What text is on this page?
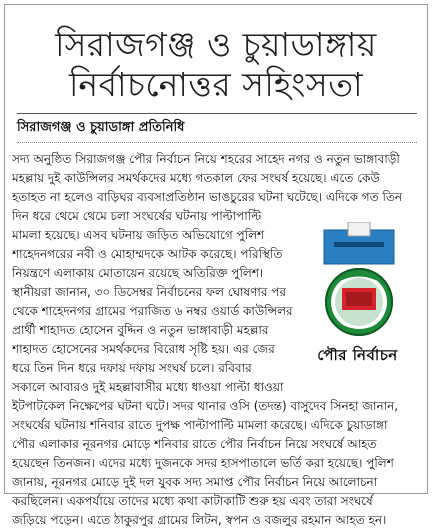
সিরাজগঞ্জ ও চুয়াডাঙ্গায়
নির্বাচনোত্তর সহিংসতা
সিরাজগঞ্জ ও চুয়াডাঙ্গা প্রতিনিধি
সদ্য অনুষ্ঠিত সিরাজগঞ্জ পৌর নির্বাচন নিয়ে শহরের সাহেদ নগর ও নতুন ভাঙ্গাবাড়ী
মহল্লায় দুই কাউন্সিলর সমর্থকদের মধ্যে গতকাল ফের সংঘর্ষ হয়েছে। এতে কেউ
হতাহত না হলেও বাড়িঘর ব্যবসাপ্রতিষ্ঠান ভাঙচুরের ঘটনা ঘটেছে। এদিকে গত তিন
দিন ধরে থেমে থেমে চলা সংঘর্ষের ঘটনায় পাল্টাপাল্টি
মামলা হয়েছে। এসব ঘটনায় জড়িত অভিযোগে পুলিশ
শাহেদনগরের নবী ও মোহাম্মদকে আটক করেছে। পরিস্থিতি
নিয়ন্ত্রণে এলাকায় মোতায়েন রয়েছে অতিরিক্ত পুলিশ।
স্থানীয়রা জানান, ৩০ ডিসেম্বর নির্বাচনের ফল ঘোষণার পর
থেকে শাহেদনগর গ্রামের পরাজিত ৬ নম্বর ওয়ার্ড কাউন্সিলর
প্রার্থী শাহাদত হোসেন বুদ্দিন ও নতুন ভাঙ্গাবাড়ী মহল্লার
শাহাদত হোসেনের সমর্থকদের বিরোধ সৃষ্টি হয়। এর জের
ধরে তিন দিন ধরে দফায় দফায় সংঘর্ষ চলে। রবিবার
সকালে আবারও দুই মহল্লাবাসীর মধ্যে ধাওয়া পাল্টা ধাওয়া
ইটপাটকেল নিক্ষেপের ঘটনা ঘটে। সদর থানার ওসি (তদন্ত) বাসুদেব সিনহা জানান,
সংঘর্ষের ঘটনায় শনিবার রাতে দুপক্ষ পাল্টাপাল্টি মামলা করেছে। এদিকে চুয়াডাঙ্গা
পৌর এলাকার নূরনগর মোড়ে শনিবার রাতে পৌর নির্বাচন নিয়ে সংঘর্ষে আহত
হয়েছেন তিনজন। এদের মধ্যে দুজনকে সদর হাসপাতালে ভর্তি করা হয়েছে। পুলিশ
জানায়, নূরনগর মোড়ে দুই দল যুবক সদ্য সমাপ্ত পৌর নির্বাচন নিয়ে আলোচনা
করছিলেন। একপর্যায়ে তাদের মধ্যে কথা কাটাকাটি শুরু হয় এবং তারা সংঘর্ষে
জড়িয়ে পড়েন। এতে ঠাকুরপুর গ্রামের লিটন, স্বপন ও বজলুর রহমান আহত হন।
পৌর নির্বাচন
